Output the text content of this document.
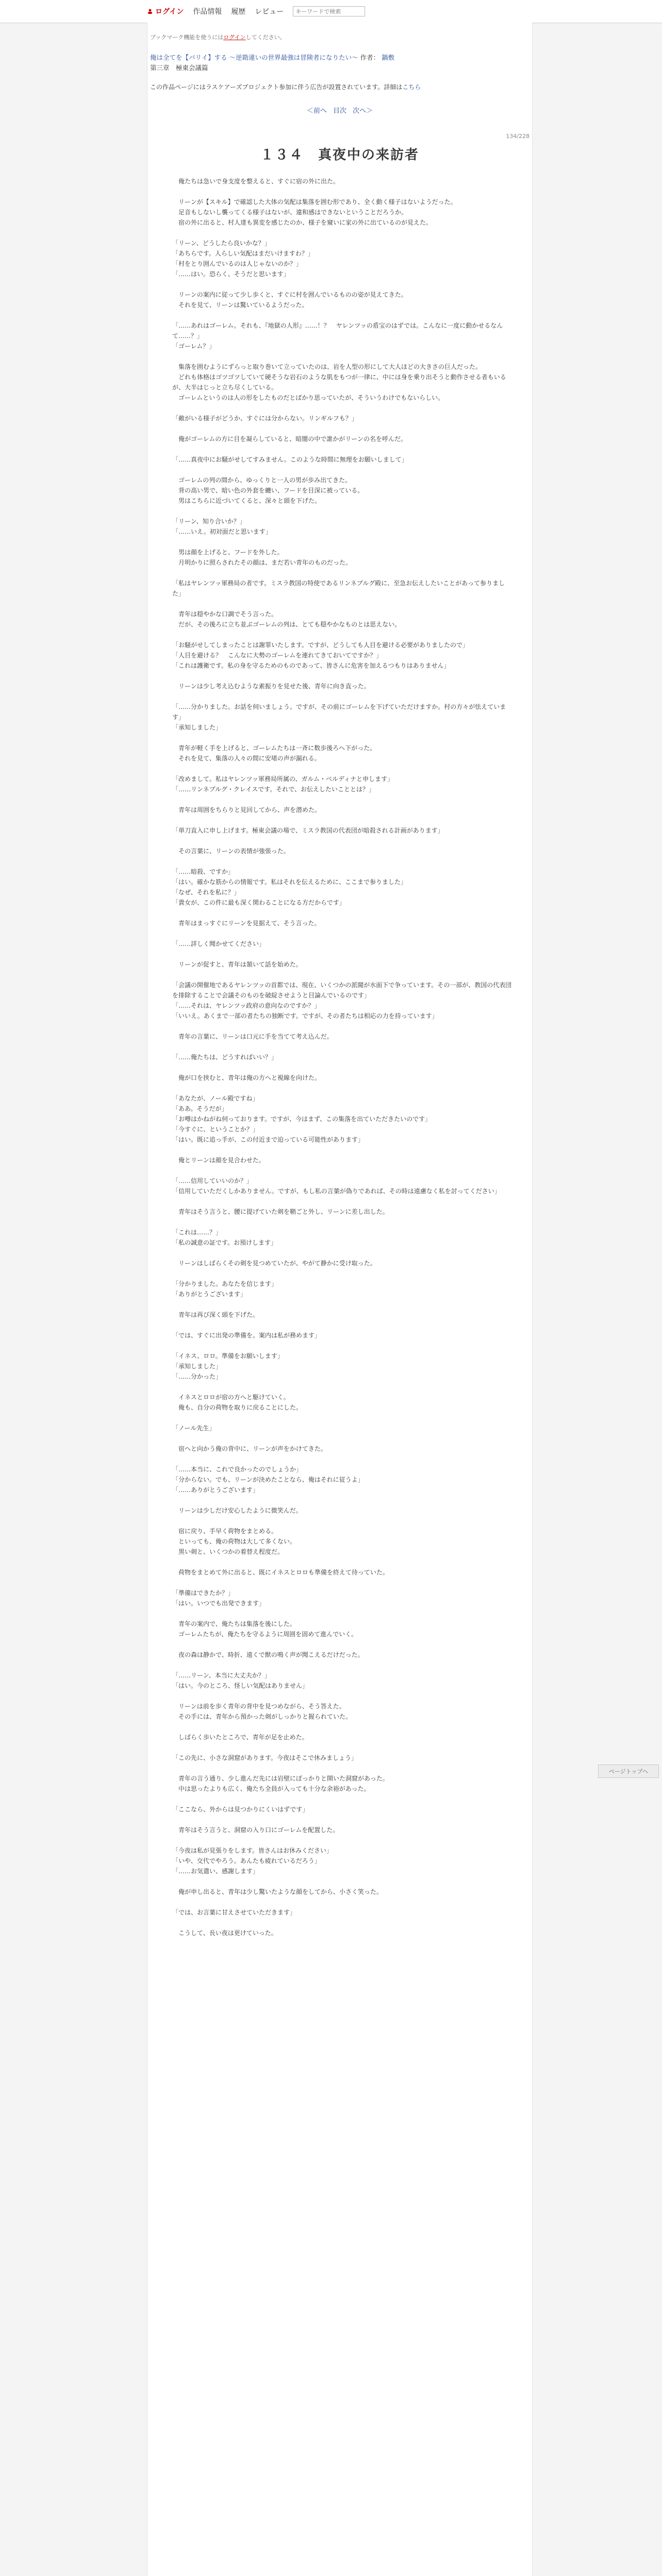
ログイン 作品情報 履歴 レビュー
キーワードで検索
ブックマーク機能を使うにはログインしてください。
俺は全てを【パリイ】する ～逆勘違いの世界最強は冒険者になりたい～ 作者： 鍋敷
第三章　極東会議篇
この作品ページにはラスケアーズプロジェクト参加に伴う広告が設置されています。詳細はこちら
＜前へ 目次 次へ＞
134/228
１３４　真夜中の来訪者

　俺たちは急いで身支度を整えると、すぐに宿の外に出た。

　リーンが【スキル】で確認した大体の気配は集落を囲む形であり、全く動く様子はないようだった。

　足音もしないし襲ってくる様子はないが、違和感はできないということだろうか。

　宿の外に出ると、村人達も異変を感じたのか、様子を窺いに家の外に出ているのが見えた。

「リーン、どうしたら良いかな？」

「あちらです。人らしい気配はまだいけますわ？」

「村をとり囲んでいるのは人じゃないのか？」

「……はい。恐らく、そうだと思います」

　リーンの案内に従って少し歩くと、すぐに村を囲んでいるものの姿が見えてきた。

　それを見て、リーンは驚いているようだった。

「……あれはゴーレム。それも、『地獄の人形』……！？　ヤレンツッの盾宝のはずでは。こんなに一度に動かせるなんて……？」

「ゴーレム？」

　集落を囲むようにずらっと取り巻いて立っていたのは、岩を人型の形にして大人ほどの大きさの巨人だった。

　どれも体格はゴツゴツしていて硬そうな岩石のような肌をもつが一律に、中には身を乗り出そうと動作させる者もいるが、大半はじっと立ち尽くしている。

　ゴーレムというのは人の形をしたものだとばかり思っていたが、そういうわけでもないらしい。

「敵がいる様子がどうか、すぐには分からない。リンギルフも？」

　俺がゴーレムの方に目を凝らしていると、暗闇の中で誰かがリーンの名を呼んだ。

「……真夜中にお騒がせしてすみません。このような時間に無理をお願いしまして」

　ゴーレムの列の間から、ゆっくりと一人の男が歩み出てきた。

　背の高い男で、暗い色の外套を纏い、フードを目深に被っている。

　男はこちらに近づいてくると、深々と頭を下げた。

「リーン、知り合いか？」

「……いえ。初対面だと思います」

　男は顔を上げると、フードを外した。

　月明かりに照らされたその顔は、まだ若い青年のものだった。

「私はヤレンツッ軍務局の者です。ミスラ教国の特使であるリンネブルグ殿に、至急お伝えしたいことがあって参りました」

　青年は穏やかな口調でそう言った。

　だが、その後ろに立ち並ぶゴーレムの列は、とても穏やかなものとは思えない。

「お騒がせしてしまったことは謝罪いたします。ですが、どうしても人目を避ける必要がありましたので」

「人目を避ける？　こんなに大勢のゴーレムを連れてきておいてですか？」

「これは護衛です。私の身を守るためのものであって、皆さんに危害を加えるつもりはありません」

　リーンは少し考え込むような素振りを見せた後、青年に向き直った。

「……分かりました。お話を伺いましょう。ですが、その前にゴーレムを下げていただけますか。村の方々が怯えています」

「承知しました」

　青年が軽く手を上げると、ゴーレムたちは一斉に数歩後ろへ下がった。

　それを見て、集落の人々の間に安堵の声が漏れる。

「改めまして。私はヤレンツッ軍務局所属の、ガルム・ベルディナと申します」

「……リンネブルグ・クレイスです。それで、お伝えしたいこととは？」

　青年は周囲をちらりと見回してから、声を潜めた。

「単刀直入に申し上げます。極東会議の場で、ミスラ教国の代表団が暗殺される計画があります」

　その言葉に、リーンの表情が強張った。

「……暗殺、ですか」

「はい。確かな筋からの情報です。私はそれを伝えるために、ここまで参りました」

「なぜ、それを私に？」

「貴女が、この件に最も深く関わることになる方だからです」

　青年はまっすぐにリーンを見据えて、そう言った。

「……詳しく聞かせてください」

　リーンが促すと、青年は頷いて話を始めた。

「会議の開催地であるヤレンツッの首都では、現在、いくつかの派閥が水面下で争っています。その一部が、教国の代表団を排除することで会議そのものを破綻させようと目論んでいるのです」

「……それは、ヤレンツッ政府の意向なのですか？」

「いいえ。あくまで一部の者たちの独断です。ですが、その者たちは相応の力を持っています」

　青年の言葉に、リーンは口元に手を当てて考え込んだ。

「……俺たちは、どうすればいい？」

　俺が口を挟むと、青年は俺の方へと視線を向けた。

「あなたが、ノール殿ですね」

「ああ。そうだが」

「お噂はかねがね伺っております。ですが、今はまず、この集落を出ていただきたいのです」

「今すぐに、ということか？」

「はい。既に追っ手が、この付近まで迫っている可能性があります」

　俺とリーンは顔を見合わせた。

「……信用していいのか？」

「信用していただくしかありません。ですが、もし私の言葉が偽りであれば、その時は遠慮なく私を討ってください」

　青年はそう言うと、腰に提げていた剣を鞘ごと外し、リーンに差し出した。

「これは……？」

「私の誠意の証です。お預けします」

　リーンはしばらくその剣を見つめていたが、やがて静かに受け取った。

「分かりました。あなたを信じます」

「ありがとうございます」

　青年は再び深く頭を下げた。

「では、すぐに出発の準備を。案内は私が務めます」

「イネス、ロロ。準備をお願いします」

「承知しました」

「……分かった」

　イネスとロロが宿の方へと駆けていく。

　俺も、自分の荷物を取りに戻ることにした。

「ノール先生」

　宿へと向かう俺の背中に、リーンが声をかけてきた。

「……本当に、これで良かったのでしょうか」

「分からない。でも、リーンが決めたことなら、俺はそれに従うよ」

「……ありがとうございます」

　リーンは少しだけ安心したように微笑んだ。

　宿に戻り、手早く荷物をまとめる。

　といっても、俺の荷物は大して多くない。

　黒い剣と、いくつかの着替え程度だ。

　荷物をまとめて外に出ると、既にイネスとロロも準備を終えて待っていた。

「準備はできたか？」

「はい。いつでも出発できます」

　青年の案内で、俺たちは集落を後にした。

　ゴーレムたちが、俺たちを守るように周囲を固めて進んでいく。

　夜の森は静かで、時折、遠くで獣の鳴く声が聞こえるだけだった。

「……リーン、本当に大丈夫か？」

「はい。今のところ、怪しい気配はありません」

　リーンは前を歩く青年の背中を見つめながら、そう答えた。

　その手には、青年から預かった剣がしっかりと握られていた。

　しばらく歩いたところで、青年が足を止めた。

「この先に、小さな洞窟があります。今夜はそこで休みましょう」

　青年の言う通り、少し進んだ先には岩壁にぽっかりと開いた洞窟があった。

　中は思ったよりも広く、俺たち全員が入っても十分な余裕があった。

「ここなら、外からは見つかりにくいはずです」

　青年はそう言うと、洞窟の入り口にゴーレムを配置した。

「今夜は私が見張りをします。皆さんはお休みください」

「いや、交代でやろう。あんたも疲れているだろう」

「……お気遣い、感謝します」

　俺が申し出ると、青年は少し驚いたような顔をしてから、小さく笑った。

「では、お言葉に甘えさせていただきます」

　こうして、長い夜は更けていった。

ページトップへ
